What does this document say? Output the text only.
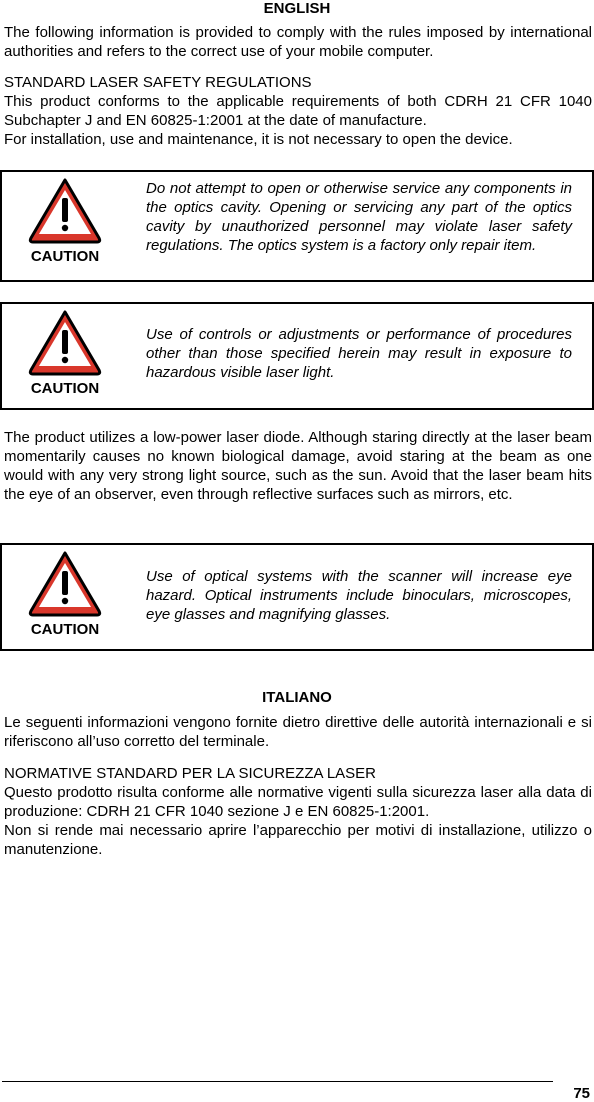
ENGLISH

The following information is provided to comply with the rules imposed by international authorities and refers to the correct use of your mobile computer.

STANDARD LASER SAFETY REGULATIONS
This product conforms to the applicable requirements of both CDRH 21 CFR 1040 Subchapter J and EN 60825-1:2001 at the date of manufacture.
For installation, use and maintenance, it is not necessary to open the device.
CAUTION
Do not attempt to open or otherwise service any components in the optics cavity. Opening or servicing any part of the optics cavity by unauthorized personnel may violate laser safety regulations. The optics system is a factory only repair item.
CAUTION
Use of controls or adjustments or performance of procedures other than those specified herein may result in exposure to hazardous visible laser light.

The product utilizes a low-power laser diode. Although staring directly at the laser beam momentarily causes no known biological damage, avoid staring at the beam as one would with any very strong light source, such as the sun. Avoid that the laser beam hits the eye of an observer, even through reflective surfaces such as mirrors, etc.

CAUTION
Use of optical systems with the scanner will increase eye hazard. Optical instruments include binoculars, microscopes, eye glasses and magnifying glasses.
ITALIANO

Le seguenti informazioni vengono fornite dietro direttive delle autorità internazionali e si riferiscono all’uso corretto del terminale.

NORMATIVE STANDARD PER LA SICUREZZA LASER
Questo prodotto risulta conforme alle normative vigenti sulla sicurezza laser alla data di produzione: CDRH 21 CFR 1040 sezione J e EN 60825-1:2001.
Non si rende mai necessario aprire l’apparecchio per motivi di installazione, utilizzo o manutenzione.
75
